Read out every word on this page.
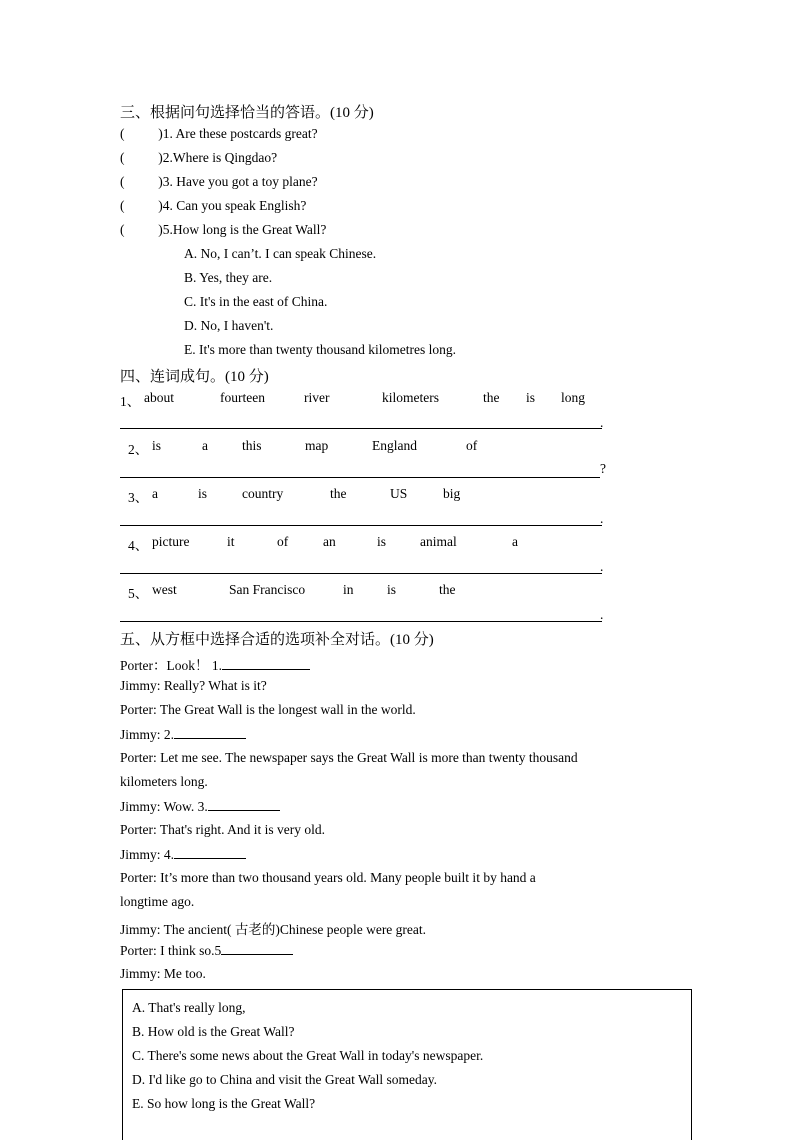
三、根据问句选择恰当的答语。(10 分)
(          )1. Are these postcards great?
(          )2.Where is Qingdao?
(          )3. Have you got a toy plane?
(          )4. Can you speak English?
(          )5.How long is the Great Wall?
A. No, I can’t. I can speak Chinese.
B. Yes, they are.
C. It's in the east of China.
D. No, I haven't.
E. It's more than twenty thousand kilometres long.
四、连词成句。(10 分)
1、 about	fourteen	river	kilometers	the is long
.
2、 is	a	this	map	England	of
?
3、 a	is	country	the	US	big
.
4、 picture	it	of	an	is	animal	a
.
5、 west	San Francisco	in is	the
.
五、从方框中选择合适的选项补全对话。(10 分)
Porter：Look！ 1.
Jimmy: Really? What is it?
Porter: The Great Wall is the longest wall in the world.
Jimmy: 2.
Porter: Let me see. The newspaper says the Great Wall is more than twenty thousand
kilometers long.
Jimmy: Wow. 3.
Porter: That's right. And it is very old.
Jimmy: 4.
Porter: It’s more than two thousand years old. Many people built it by hand a
longtime ago.
Jimmy: The ancient( 古老的)Chinese people were great.
Porter: I think so.5
Jimmy: Me too.
A. That's really long,
B. How old is the Great Wall?
C. There's some news about the Great Wall in today's newspaper.
D. I'd like go to China and visit the Great Wall someday.
E. So how long is the Great Wall?
